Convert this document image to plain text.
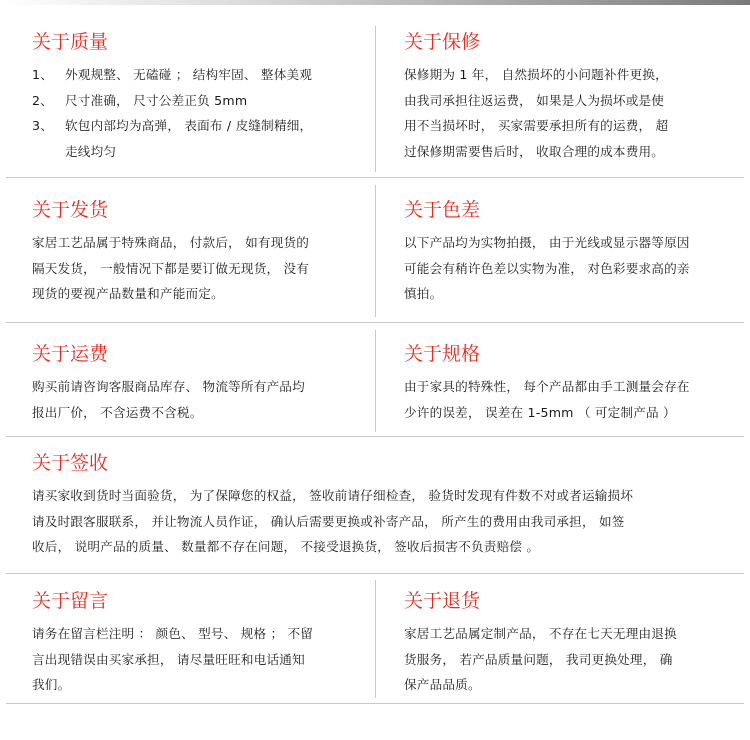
关于质量
1、 外观规整、 无磕碰 ； 结构牢固、 整体美观
2、 尺寸准确， 尺寸公差正负 5mm
3、 软包内部均为高弹， 表面布 / 皮缝制精细，
走线均匀
关于保修
保修期为 1 年， 自然损坏的小问题补件更换，
由我司承担往返运费， 如果是人为损坏或是使
用不当损坏时， 买家需要承担所有的运费， 超
过保修期需要售后时， 收取合理的成本费用。
关于发货
家居工艺品属于特殊商品， 付款后， 如有现货的
隔天发货， 一般情况下都是要订做无现货， 没有
现货的要视产品数量和产能而定。
关于色差
以下产品均为实物拍摄， 由于光线或显示器等原因
可能会有稍许色差以实物为准， 对色彩要求高的亲
慎拍。
关于运费
购买前请咨询客服商品库存、 物流等所有产品均
报出厂价， 不含运费不含税。
关于规格
由于家具的特殊性， 每个产品都由手工测量会存在
少许的误差， 误差在 1-5mm （ 可定制产品 ）
关于签收
请买家收到货时当面验货， 为了保障您的权益， 签收前请仔细检查， 验货时发现有件数不对或者运输损坏
请及时跟客服联系， 并让物流人员作证， 确认后需要更换或补寄产品， 所产生的费用由我司承担， 如签
收后， 说明产品的质量、 数量都不存在问题， 不接受退换货， 签收后损害不负责赔偿 。
关于留言
请务在留言栏注明 ： 颜色、 型号、 规格 ； 不留
言出现错误由买家承担， 请尽量旺旺和电话通知
我们。
关于退货
家居工艺品属定制产品， 不存在七天无理由退换
货服务， 若产品质量问题， 我司更换处理， 确
保产品品质。
